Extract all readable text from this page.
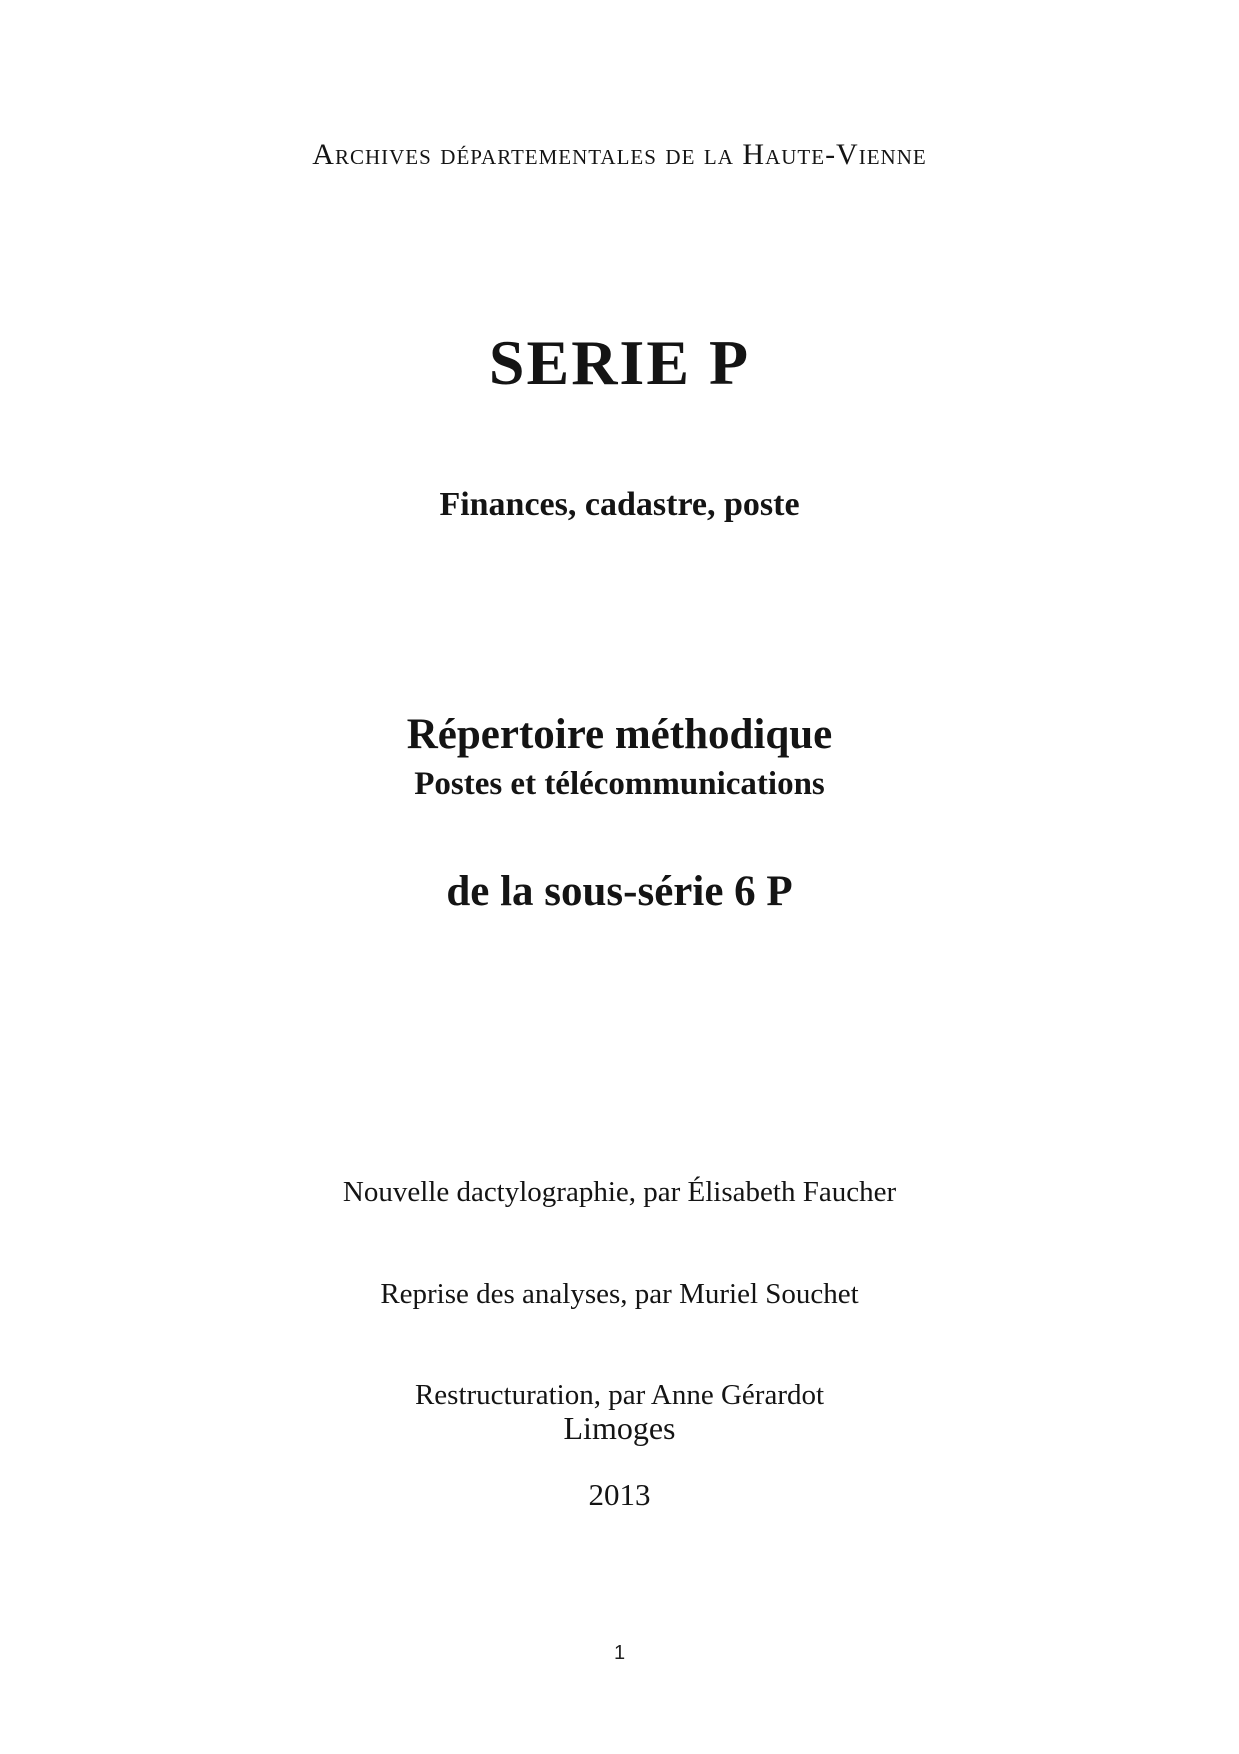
Archives départementales de la Haute-Vienne
SERIE P
Finances, cadastre, poste

Répertoire méthodique

de la sous-série 6 P

Postes et télécommunications

Nouvelle dactylographie, par Élisabeth Faucher

Reprise des analyses, par Muriel Souchet

Restructuration, par Anne Gérardot

Limoges
2013
1
